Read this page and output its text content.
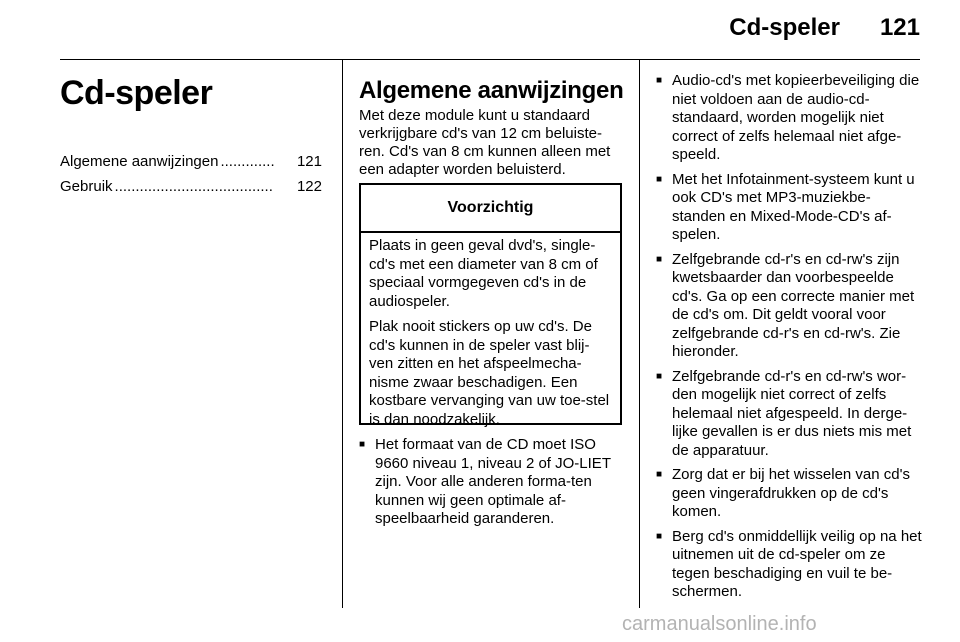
Cd-speler 121
Cd-speler
Algemene aanwijzingen .............	121
Gebruik ......................................	122
Algemene aanwijzingen

Met deze module kunt u standaard verkrijgbare cd's van 12 cm beluiste-ren. Cd's van 8 cm kunnen alleen met een adapter worden beluisterd.

Voorzichtig

Plaats in geen geval dvd's, single-cd's met een diameter van 8 cm of speciaal vormgegeven cd's in de audiospeler.

Plak nooit stickers op uw cd's. De cd's kunnen in de speler vast blij-ven zitten en het afspeelmecha-nisme zwaar beschadigen. Een kostbare vervanging van uw toe-stel is dan noodzakelijk.

■ Het formaat van de CD moet ISO 9660 niveau 1, niveau 2 of JO-LIET zijn. Voor alle anderen forma-ten kunnen wij geen optimale af-speelbaarheid garanderen.
■ Audio-cd's met kopieerbeveiliging die niet voldoen aan de audio-cd-standaard, worden mogelijk niet correct of zelfs helemaal niet afge-speeld.
■ Met het Infotainment-systeem kunt u ook CD's met MP3-muziekbe-standen en Mixed-Mode-CD's af-spelen.
■ Zelfgebrande cd-r's en cd-rw's zijn kwetsbaarder dan voorbespeelde cd's. Ga op een correcte manier met de cd's om. Dit geldt vooral voor zelfgebrande cd-r's en cd-rw's. Zie hieronder.
■ Zelfgebrande cd-r's en cd-rw's wor-den mogelijk niet correct of zelfs helemaal niet afgespeeld. In derge-lijke gevallen is er dus niets mis met de apparatuur.
■ Zorg dat er bij het wisselen van cd's geen vingerafdrukken op de cd's komen.
■ Berg cd's onmiddellijk veilig op na het uitnemen uit de cd-speler om ze tegen beschadiging en vuil te be-schermen.
carmanualsonline.info
